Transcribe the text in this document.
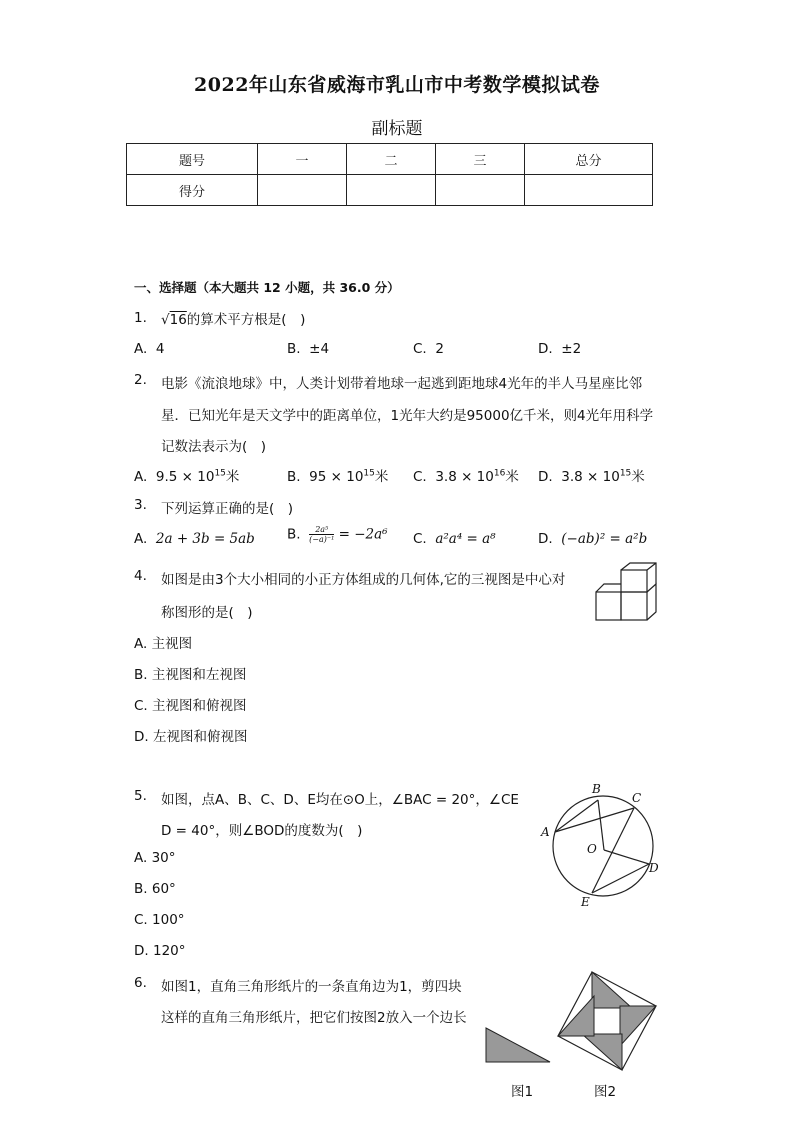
2022年山东省威海市乳山市中考数学模拟试卷
副标题
题号	一	二	三	总分
得分				
一、选择题（本大题共 12 小题，共 36.0 分）
1. √16的算术平方根是(　)
A. 4	B. ±4	C. 2	D. ±2
2. 电影《流浪地球》中，人类计划带着地球一起逃到距地球4光年的半人马星座比邻
星．已知光年是天文学中的距离单位，1光年大约是95000亿千米，则4光年用科学
记数法表示为(　)
A. $9.5 \times 10^{15}$米	B. $95 \times 10^{15}$米 C. $3.8 \times 10^{16}$米 D. $3.8 \times 10^{15}$米
3. 下列运算正确的是(　)
A. 2a + 3b = 5ab B. $\frac{\text{2a⁵}}{\text{(−a)⁻¹}} = -2a^6$ C. a²a⁴ = a⁸	D. (−ab)² = a²b
4. 如图是由3个大小相同的小正方体组成的几何体,它的三视图是中心对
称图形的是(　)
A. 主视图
B. 主视图和左视图
C. 主视图和俯视图
D. 左视图和俯视图
5. 如图，点A、B、C、D、E均在⊙O上，∠BAC = 20°，∠CE
D = 40°，则∠BOD的度数为(　)
A. 30°
B. 60°
C. 100°
D. 120°
A
B
C
D
E
O
6. 如图1，直角三角形纸片的一条直角边为1，剪四块
这样的直角三角形纸片，把它们按图2放入一个边长
图1	图2
